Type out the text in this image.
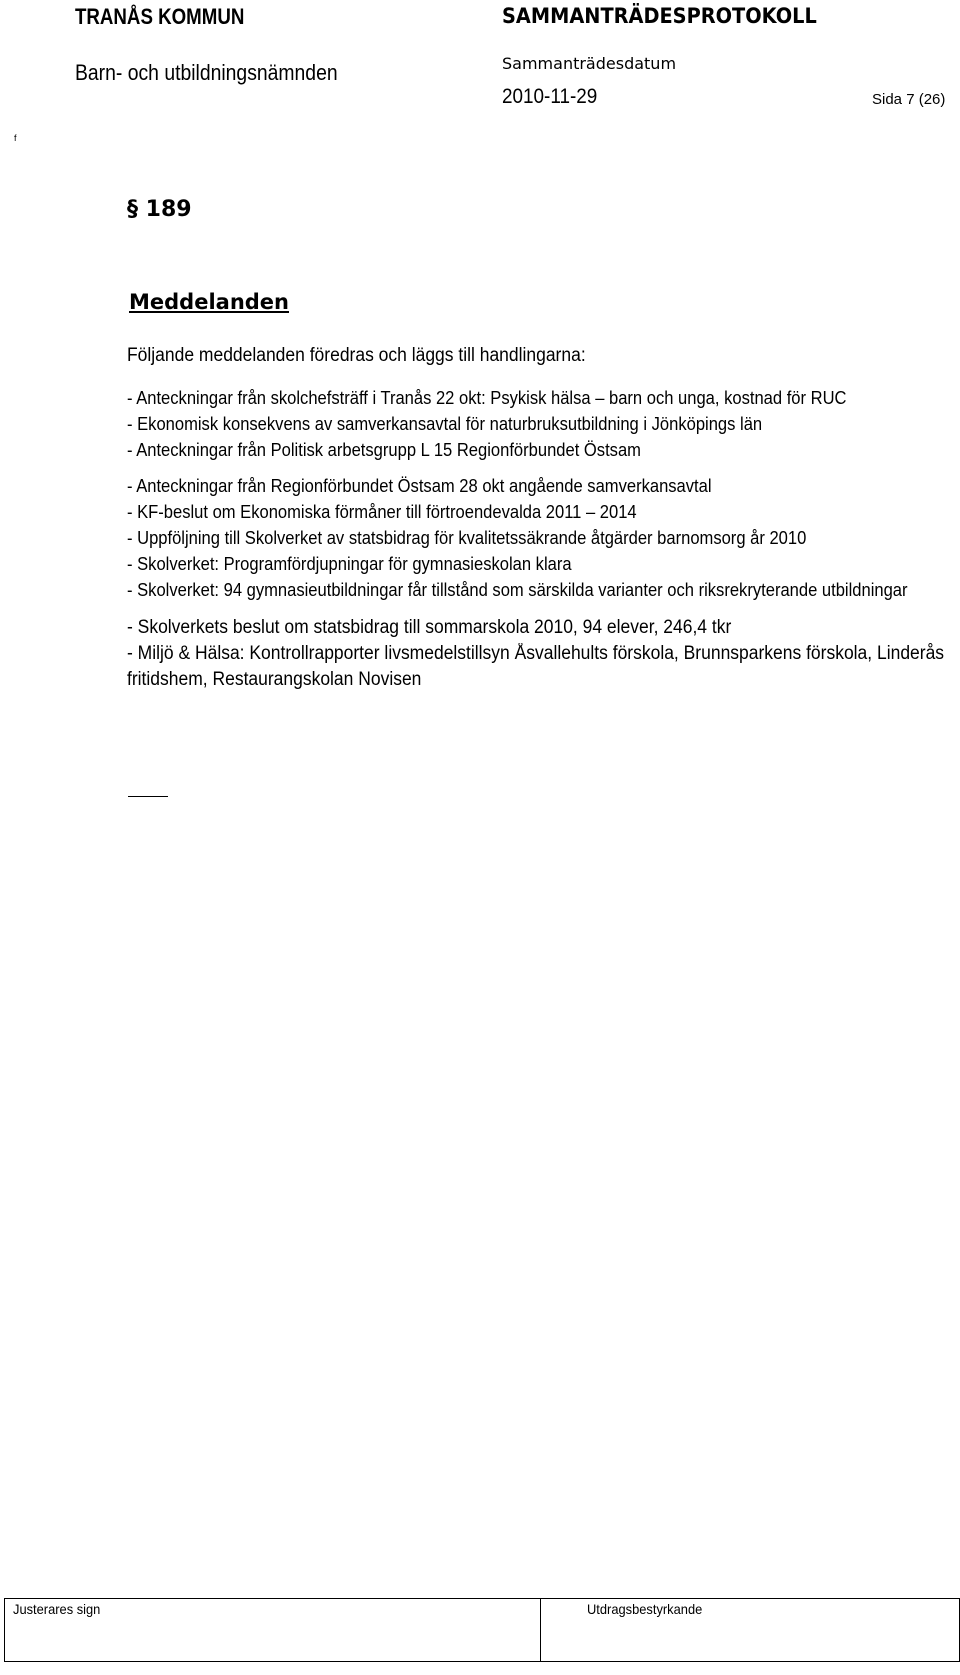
TRANÅS KOMMUN
Barn- och utbildningsnämnden
SAMMANTRÄDESPROTOKOLL
Sammanträdesdatum
2010-11-29	Sida 7 (26)
f
§ 189
Meddelanden
Följande meddelanden föredras och läggs till handlingarna:
- Anteckningar från skolchefsträff i Tranås 22 okt: Psykisk hälsa – barn och unga, kostnad för RUC
- Ekonomisk konsekvens av samverkansavtal för naturbruksutbildning i Jönköpings län
- Anteckningar från Politisk arbetsgrupp L 15 Regionförbundet Östsam
- Anteckningar från Regionförbundet Östsam 28 okt angående samverkansavtal
- KF-beslut om Ekonomiska förmåner till förtroendevalda 2011 – 2014
- Uppföljning till Skolverket av statsbidrag för kvalitetssäkrande åtgärder barnomsorg år 2010
- Skolverket: Programfördjupningar för gymnasieskolan klara
- Skolverket: 94 gymnasieutbildningar får tillstånd som särskilda varianter och riksrekryterande utbildningar
- Skolverkets beslut om statsbidrag till sommarskola 2010, 94 elever, 246,4 tkr
- Miljö & Hälsa: Kontrollrapporter livsmedelstillsyn Åsvallehults förskola, Brunnsparkens förskola, Linderås fritidshem, Restaurangskolan Novisen
Justerares sign	Utdragsbestyrkande
